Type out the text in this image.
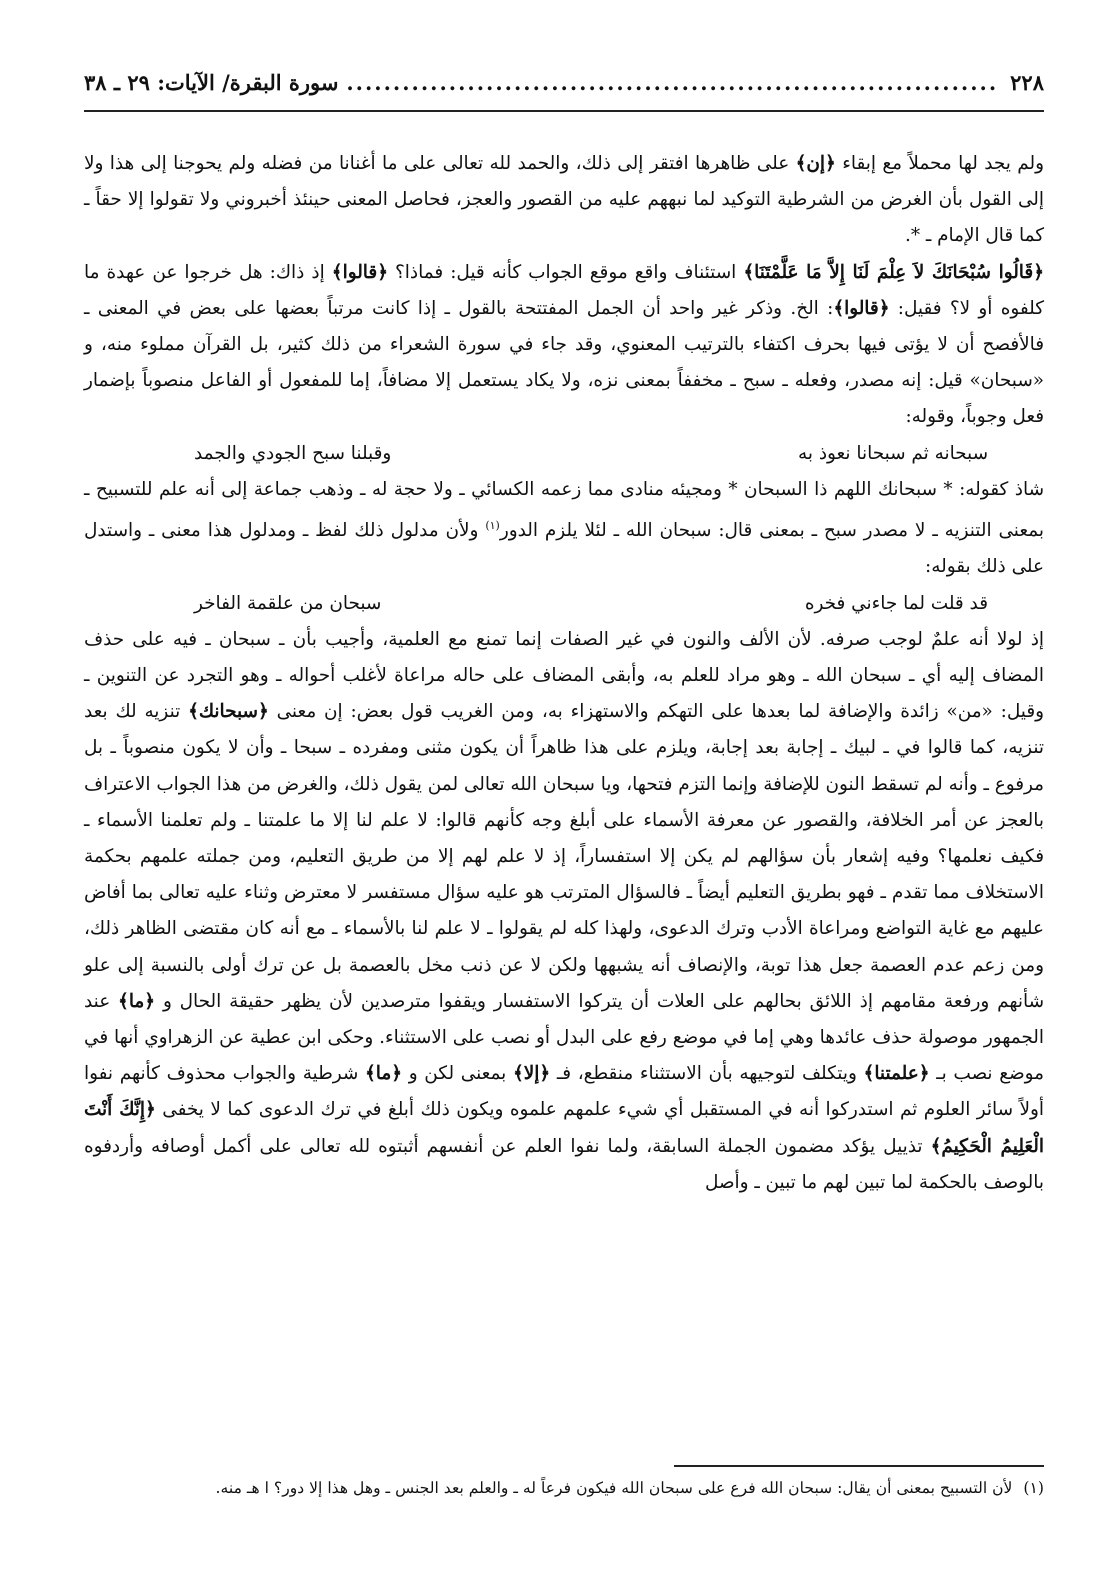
٢٢٨
.....
سورة البقرة/ الآيات: ٢٩ ـ ٣٨

ولم يجد لها محملاً مع إبقاء ﴿ إن ﴾ على ظاهرها افتقر إلى ذلك، والحمد لله تعالى على ما أغنانا من فضله ولم يحوجنا إلى هذا ولا إلى القول بأن الغرض من الشرطية التوكيد لما نبههم عليه من القصور والعجز، فحاصل المعنى حينئذ أخبروني ولا تقولوا إلا حقاً ـ كما قال الإمام ـ *.

﴿ قَالُوا سُبْحَانَكَ لاَ عِلْمَ لَنَا إِلاَّ مَا عَلَّمْتَنَا ﴾ استئناف واقع موقع الجواب كأنه قيل: فماذا؟ ﴿ قالوا ﴾ إذ ذاك: هل خرجوا عن عهدة ما كلفوه أو لا؟ فقيل: ﴿ قالوا ﴾: الخ. وذكر غير واحد أن الجمل المفتتحة بالقول ـ إذا كانت مرتباً بعضها على بعض في المعنى ـ فالأفصح أن لا يؤتى فيها بحرف اكتفاء بالترتيب المعنوي، وقد جاء في سورة الشعراء من ذلك كثير، بل القرآن مملوء منه، و «سبحان» قيل: إنه مصدر، وفعله ـ سبح ـ مخففاً بمعنى نزه، ولا يكاد يستعمل إلا مضافاً، إما للمفعول أو الفاعل منصوباً بإضمار فعل وجوباً، وقوله:

سبحانه ثم سبحانا نعوذ به
وقبلنا سبح الجودي والجمد

شاذ كقوله: * سبحانك اللهم ذا السبحان * ومجيئه منادى مما زعمه الكسائي ـ ولا حجة له ـ وذهب جماعة إلى أنه علم للتسبيح ـ بمعنى التنزيه ـ لا مصدر سبح ـ بمعنى قال: سبحان الله ـ لئلا يلزم الدور$^{(١)}$ ولأن مدلول ذلك لفظ ـ ومدلول هذا معنى ـ واستدل على ذلك بقوله:

قد قلت لما جاءني فخره
سبحان من علقمة الفاخر

إذ لولا أنه علمٌ لوجب صرفه. لأن الألف والنون في غير الصفات إنما تمنع مع العلمية، وأجيب بأن ـ سبحان ـ فيه على حذف المضاف إليه أي ـ سبحان الله ـ وهو مراد للعلم به، وأبقى المضاف على حاله مراعاة لأغلب أحواله ـ وهو التجرد عن التنوين ـ وقيل: «من» زائدة والإضافة لما بعدها على التهكم والاستهزاء به، ومن الغريب قول بعض: إن معنى ﴿ سبحانك ﴾ تنزيه لك بعد تنزيه، كما قالوا في ـ لبيك ـ إجابة بعد إجابة، ويلزم على هذا ظاهراً أن يكون مثنى ومفرده ـ سبحا ـ وأن لا يكون منصوباً ـ بل مرفوع ـ وأنه لم تسقط النون للإضافة وإنما التزم فتحها، ويا سبحان الله تعالى لمن يقول ذلك، والغرض من هذا الجواب الاعتراف بالعجز عن أمر الخلافة، والقصور عن معرفة الأسماء على أبلغ وجه كأنهم قالوا: لا علم لنا إلا ما علمتنا ـ ولم تعلمنا الأسماء ـ فكيف نعلمها؟ وفيه إشعار بأن سؤالهم لم يكن إلا استفساراً، إذ لا علم لهم إلا من طريق التعليم، ومن جملته علمهم بحكمة الاستخلاف مما تقدم ـ فهو بطريق التعليم أيضاً ـ فالسؤال المترتب هو عليه سؤال مستفسر لا معترض وثناء عليه تعالى بما أفاض عليهم مع غاية التواضع ومراعاة الأدب وترك الدعوى، ولهذا كله لم يقولوا ـ لا علم لنا بالأسماء ـ مع أنه كان مقتضى الظاهر ذلك، ومن زعم عدم العصمة جعل هذا توبة، والإنصاف أنه يشبهها ولكن لا عن ذنب مخل بالعصمة بل عن ترك أولى بالنسبة إلى علو شأنهم ورفعة مقامهم إذ اللائق بحالهم على العلات أن يتركوا الاستفسار ويقفوا مترصدين لأن يظهر حقيقة الحال و ﴿ ما ﴾ عند الجمهور موصولة حذف عائدها وهي إما في موضع رفع على البدل أو نصب على الاستثناء. وحكى ابن عطية عن الزهراوي أنها في موضع نصب بـ ﴿ علمتنا ﴾ ويتكلف لتوجيهه بأن الاستثناء منقطع، فـ ﴿ إلا ﴾ بمعنى لكن و ﴿ ما ﴾ شرطية والجواب محذوف كأنهم نفوا أولاً سائر العلوم ثم استدركوا أنه في المستقبل أي شيء علمهم علموه ويكون ذلك أبلغ في ترك الدعوى كما لا يخفى ﴿ إِنَّكَ أَنْتَ الْعَلِيمُ الْحَكِيمُ ﴾ تذييل يؤكد مضمون الجملة السابقة، ولما نفوا العلم عن أنفسهم أثبتوه لله تعالى على أكمل أوصافه وأردفوه بالوصف بالحكمة لما تبين لهم ما تبين ـ وأصل

(١) لأن التسبيح بمعنى أن يقال: سبحان الله فرع على سبحان الله فيكون فرعاً له ـ والعلم بعد الجنس ـ وهل هذا إلا دور؟ ا هـ منه.
